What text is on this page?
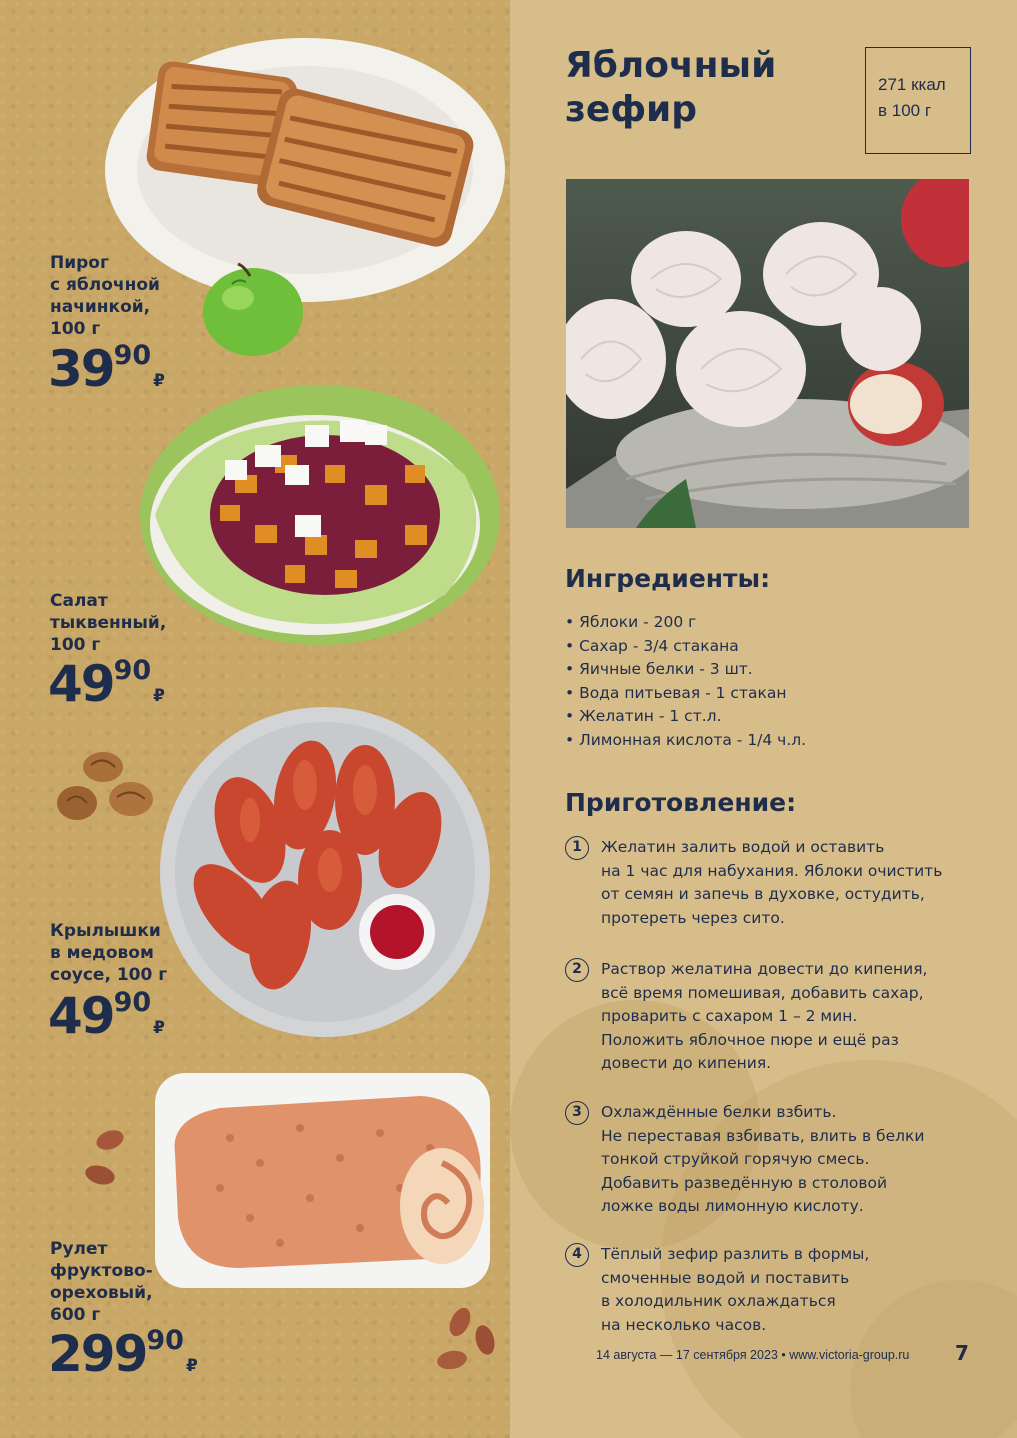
Пирог
с яблочной
начинкой,
100 г
3990₽
Салат
тыквенный,
100 г
4990₽
Крылышки
в медовом
соусе, 100 г
4990₽
Рулет
фруктово-
ореховый,
600 г
29990₽
Яблочный
зефир
271 ккал
в 100 г
Ингредиенты:
• Яблоки - 200 г
• Сахар - 3/4 стакана
• Яичные белки - 3 шт.
• Вода питьевая - 1 стакан
• Желатин - 1 ст.л.
• Лимонная кислота - 1/4 ч.л.
Приготовление:
1	Желатин залить водой и оставить
на 1 час для набухания. Яблоки очистить
от семян и запечь в духовке, остудить,
протереть через сито.
2	Раствор желатина довести до кипения,
всё время помешивая, добавить сахар,
проварить с сахаром 1 – 2 мин.
Положить яблочное пюре и ещё раз
довести до кипения.
3	Охлаждённые белки взбить.
Не переставая взбивать, влить в белки
тонкой струйкой горячую смесь.
Добавить разведённую в столовой
ложке воды лимонную кислоту.
4	Тёплый зефир разлить в формы,
смоченные водой и поставить
в холодильник охлаждаться
на несколько часов.
14 августа — 17 сентября 2023 • www.victoria-group.ru 7
